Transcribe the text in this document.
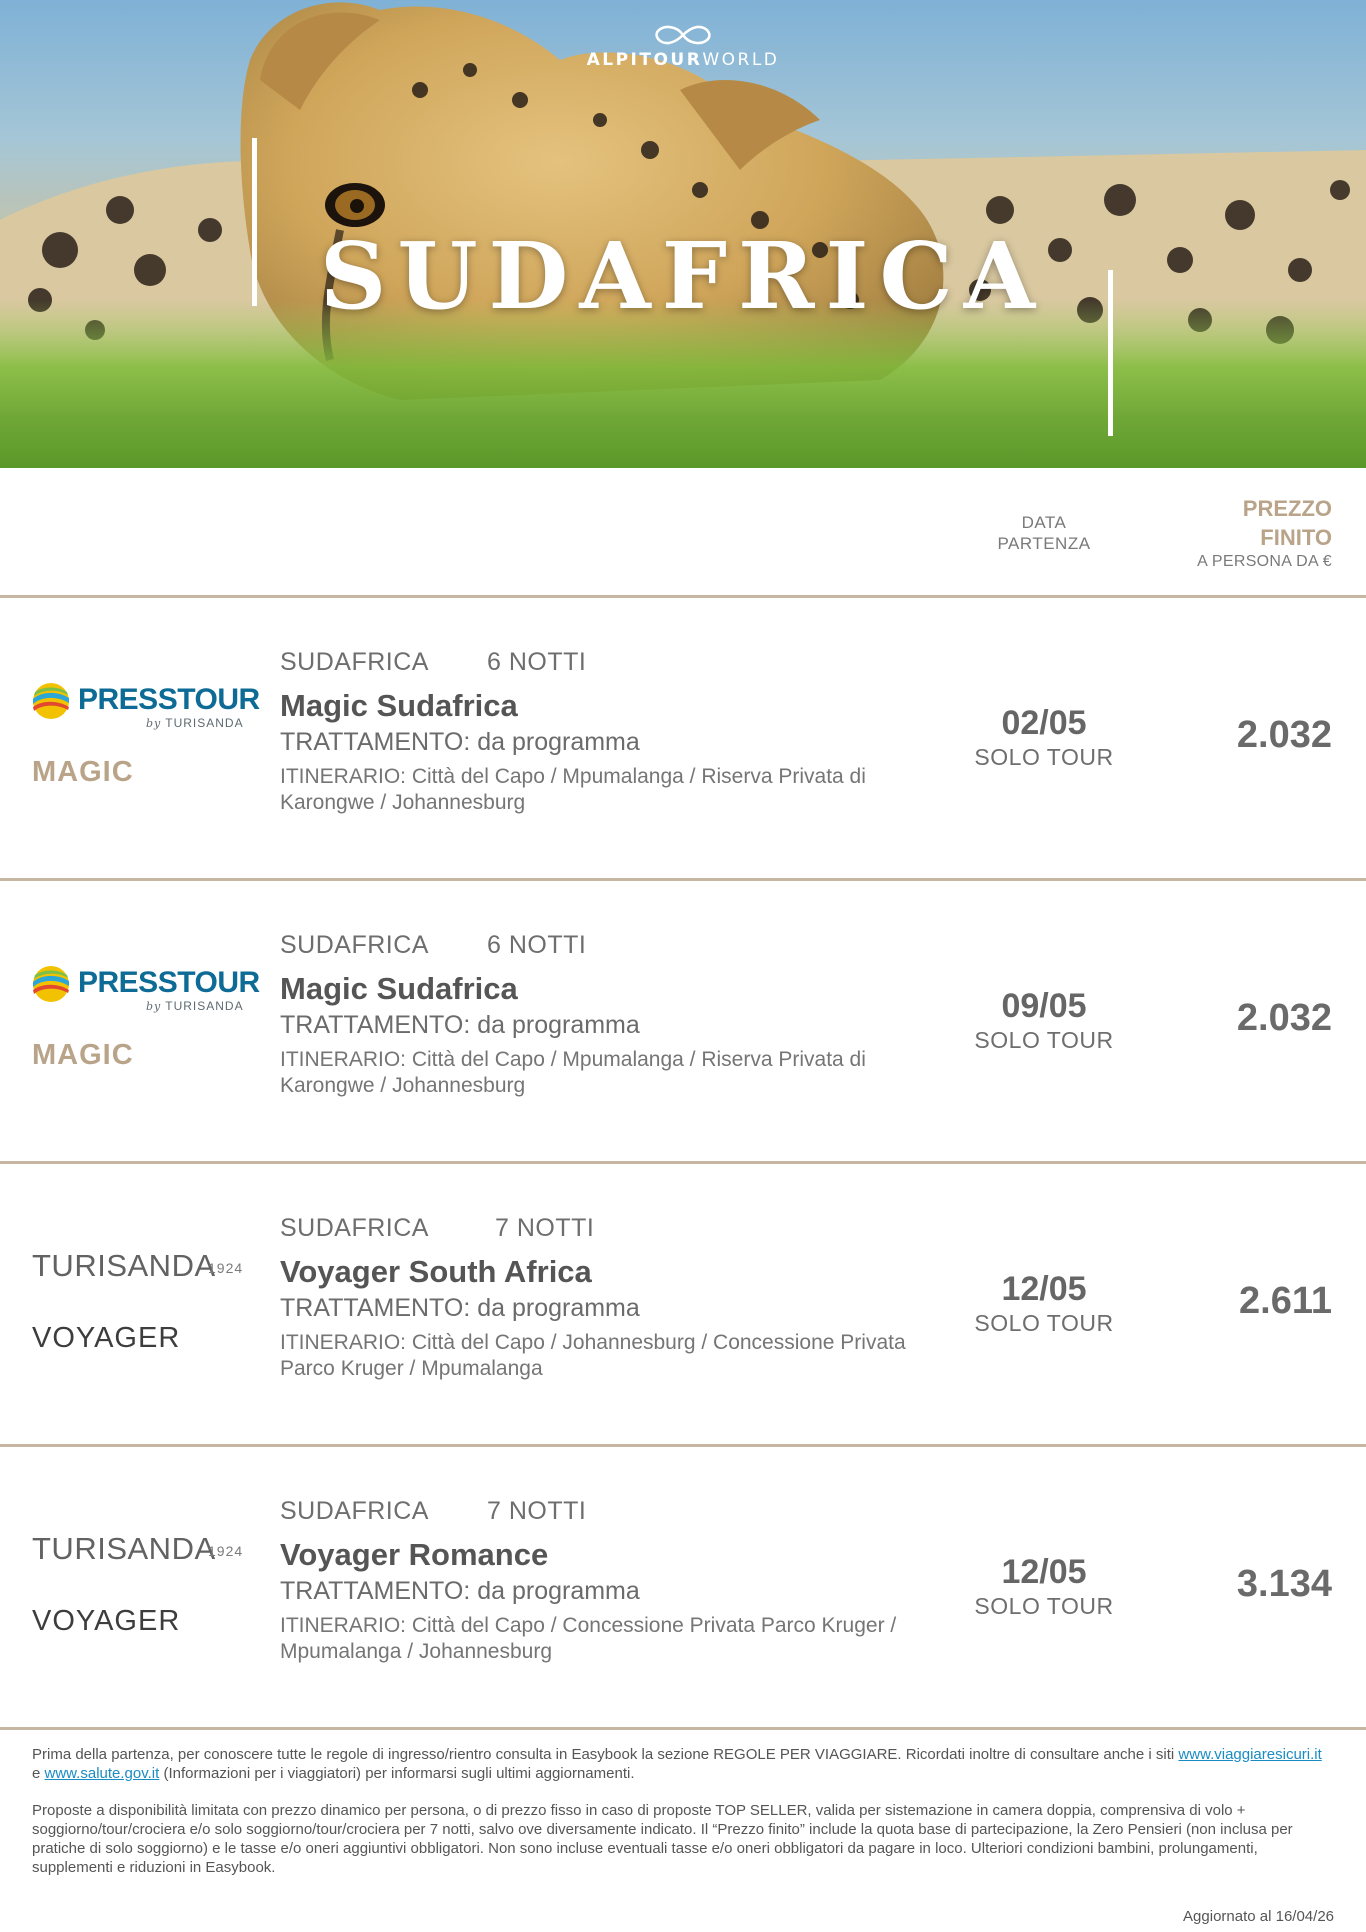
ALPITOURWORLD
SUDAFRICA
DATA
PARTENZA
PREZZO
FINITO
A PERSONA DA €
PRESSTOUR
by TURISANDA
MAGIC
SUDAFRICA 6 NOTTI
Magic Sudafrica
TRATTAMENTO: da programma
ITINERARIO: Città del Capo / Mpumalanga / Riserva Privata di Karongwe / Johannesburg
02/05
SOLO TOUR
2.032
PRESSTOUR
by TURISANDA
MAGIC
SUDAFRICA 6 NOTTI
Magic Sudafrica
TRATTAMENTO: da programma
ITINERARIO: Città del Capo / Mpumalanga / Riserva Privata di Karongwe / Johannesburg
09/05
SOLO TOUR
2.032
TURISANDA
1924
VOYAGER
SUDAFRICA	7 NOTTI
Voyager South Africa
TRATTAMENTO: da programma
ITINERARIO: Città del Capo / Johannesburg / Concessione Privata Parco Kruger / Mpumalanga
12/05
SOLO TOUR
2.611
TURISANDA
1924
VOYAGER
SUDAFRICA 7 NOTTI
Voyager Romance
TRATTAMENTO: da programma
ITINERARIO: Città del Capo / Concessione Privata Parco Kruger / Mpumalanga / Johannesburg
12/05
SOLO TOUR
3.134

Prima della partenza, per conoscere tutte le regole di ingresso/rientro consulta in Easybook la sezione REGOLE PER VIAGGIARE. Ricordati inoltre di consultare anche i siti www.viaggiaresicuri.it e www.salute.gov.it (Informazioni per i viaggiatori) per informarsi sugli ultimi aggiornamenti.

Proposte a disponibilità limitata con prezzo dinamico per persona, o di prezzo fisso in caso di proposte TOP SELLER, valida per sistemazione in camera doppia, comprensiva di volo + soggiorno/tour/crociera e/o solo soggiorno/tour/crociera per 7 notti, salvo ove diversamente indicato. Il “Prezzo finito” include la quota base di partecipazione, la Zero Pensieri (non inclusa per pratiche di solo soggiorno) e le tasse e/o oneri aggiuntivi obbligatori. Non sono incluse eventuali tasse e/o oneri obbligatori da pagare in loco. Ulteriori condizioni bambini, prolungamenti, supplementi e riduzioni in Easybook.

Aggiornato al 16/04/26
